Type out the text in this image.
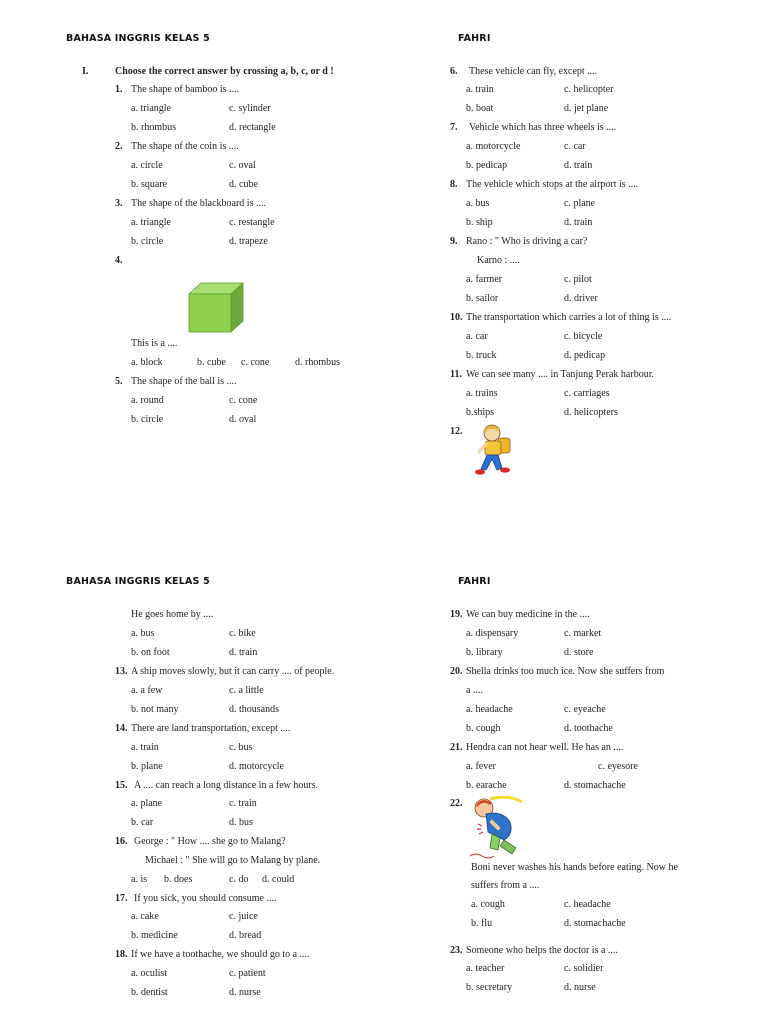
BAHASA INGGRIS KELAS 5	FAHRI
I.	Choose the correct answer by crossing a, b, c, or d !
1. The shape of bamboo is ....
a. triangle	c. sylinder
b. rhombus	d. rectangle
2. The shape of the coin is ....
a. circle	c. oval
b. square	d. cube
3. The shape of the blackboard is ....
a. triangle	c. restangle
b. circle	d. trapeze
4.
This is a ....
a. block	b. cube c. cone	d. rhombus
5. The shape of the ball is ....
a. round	c. cone
b. circle	d. oval
6. These vehicle can fly, except ....
a. train	c. helicopter
b. boat	d. jet plane
7. Vehicle which has three wheels is ....
a. motorcycle	c. car
b. pedicap	d. train
8. The vehicle which stops at the airport is ....
a. bus	c. plane
b. ship	d. train
9. Rano : " Who is driving a car?
Karno : ....
a. farmer	c. pilot
b. sailor	d. driver
10. The transportation which carries a lot of thing is ....
a. car	c. bicycle
b. truck	d. pedicap
11. We can see many .... in Tanjung Perak harbour.
a. trains	c. carriages
b.ships	d. helicopters
12.
BAHASA INGGRIS KELAS 5	FAHRI
He goes home by ....
a. bus	c. bike
b. on foot	d. train
13. A ship moves slowly, but it can carry .... of people.
a. a few	c. a little
b. not many	d. thousands
14. There are land transportation, except ....
a. train	c. bus
b. plane	d. motorcycle
15. A .... can reach a long distance in a few hours.
a. plane	c. train
b. car	d. bus
16. George : " How .... she go to Malang?
Michael : " She will go to Malang by plane.
a. is b. does	c. do d. could
17. If you sick, you should consume ....
a. cake	c. juice
b. medicine	d. bread
18. If we have a toothache, we should go to a ....
a. oculist	c. patient
b. dentist	d. nurse
19. We can buy medicine in the ....
a. dispensary	c. market
b. library	d. store
20. Shella drinks too much ice. Now she suffers from
a ....
a. headache	c. eyeache
b. cough	d. toothache
21. Hendra can not hear well. He has an ....
a. fever	c. eyesore
b. earache	d. stomachache
22.
Boni never washes his hands before eating. Now he
suffers from a ....
a. cough	c. headache
b. flu	d. stomachache
23. Someone who helps the doctor is a ....
a. teacher	c. solidier
b. secretary	d. nurse
